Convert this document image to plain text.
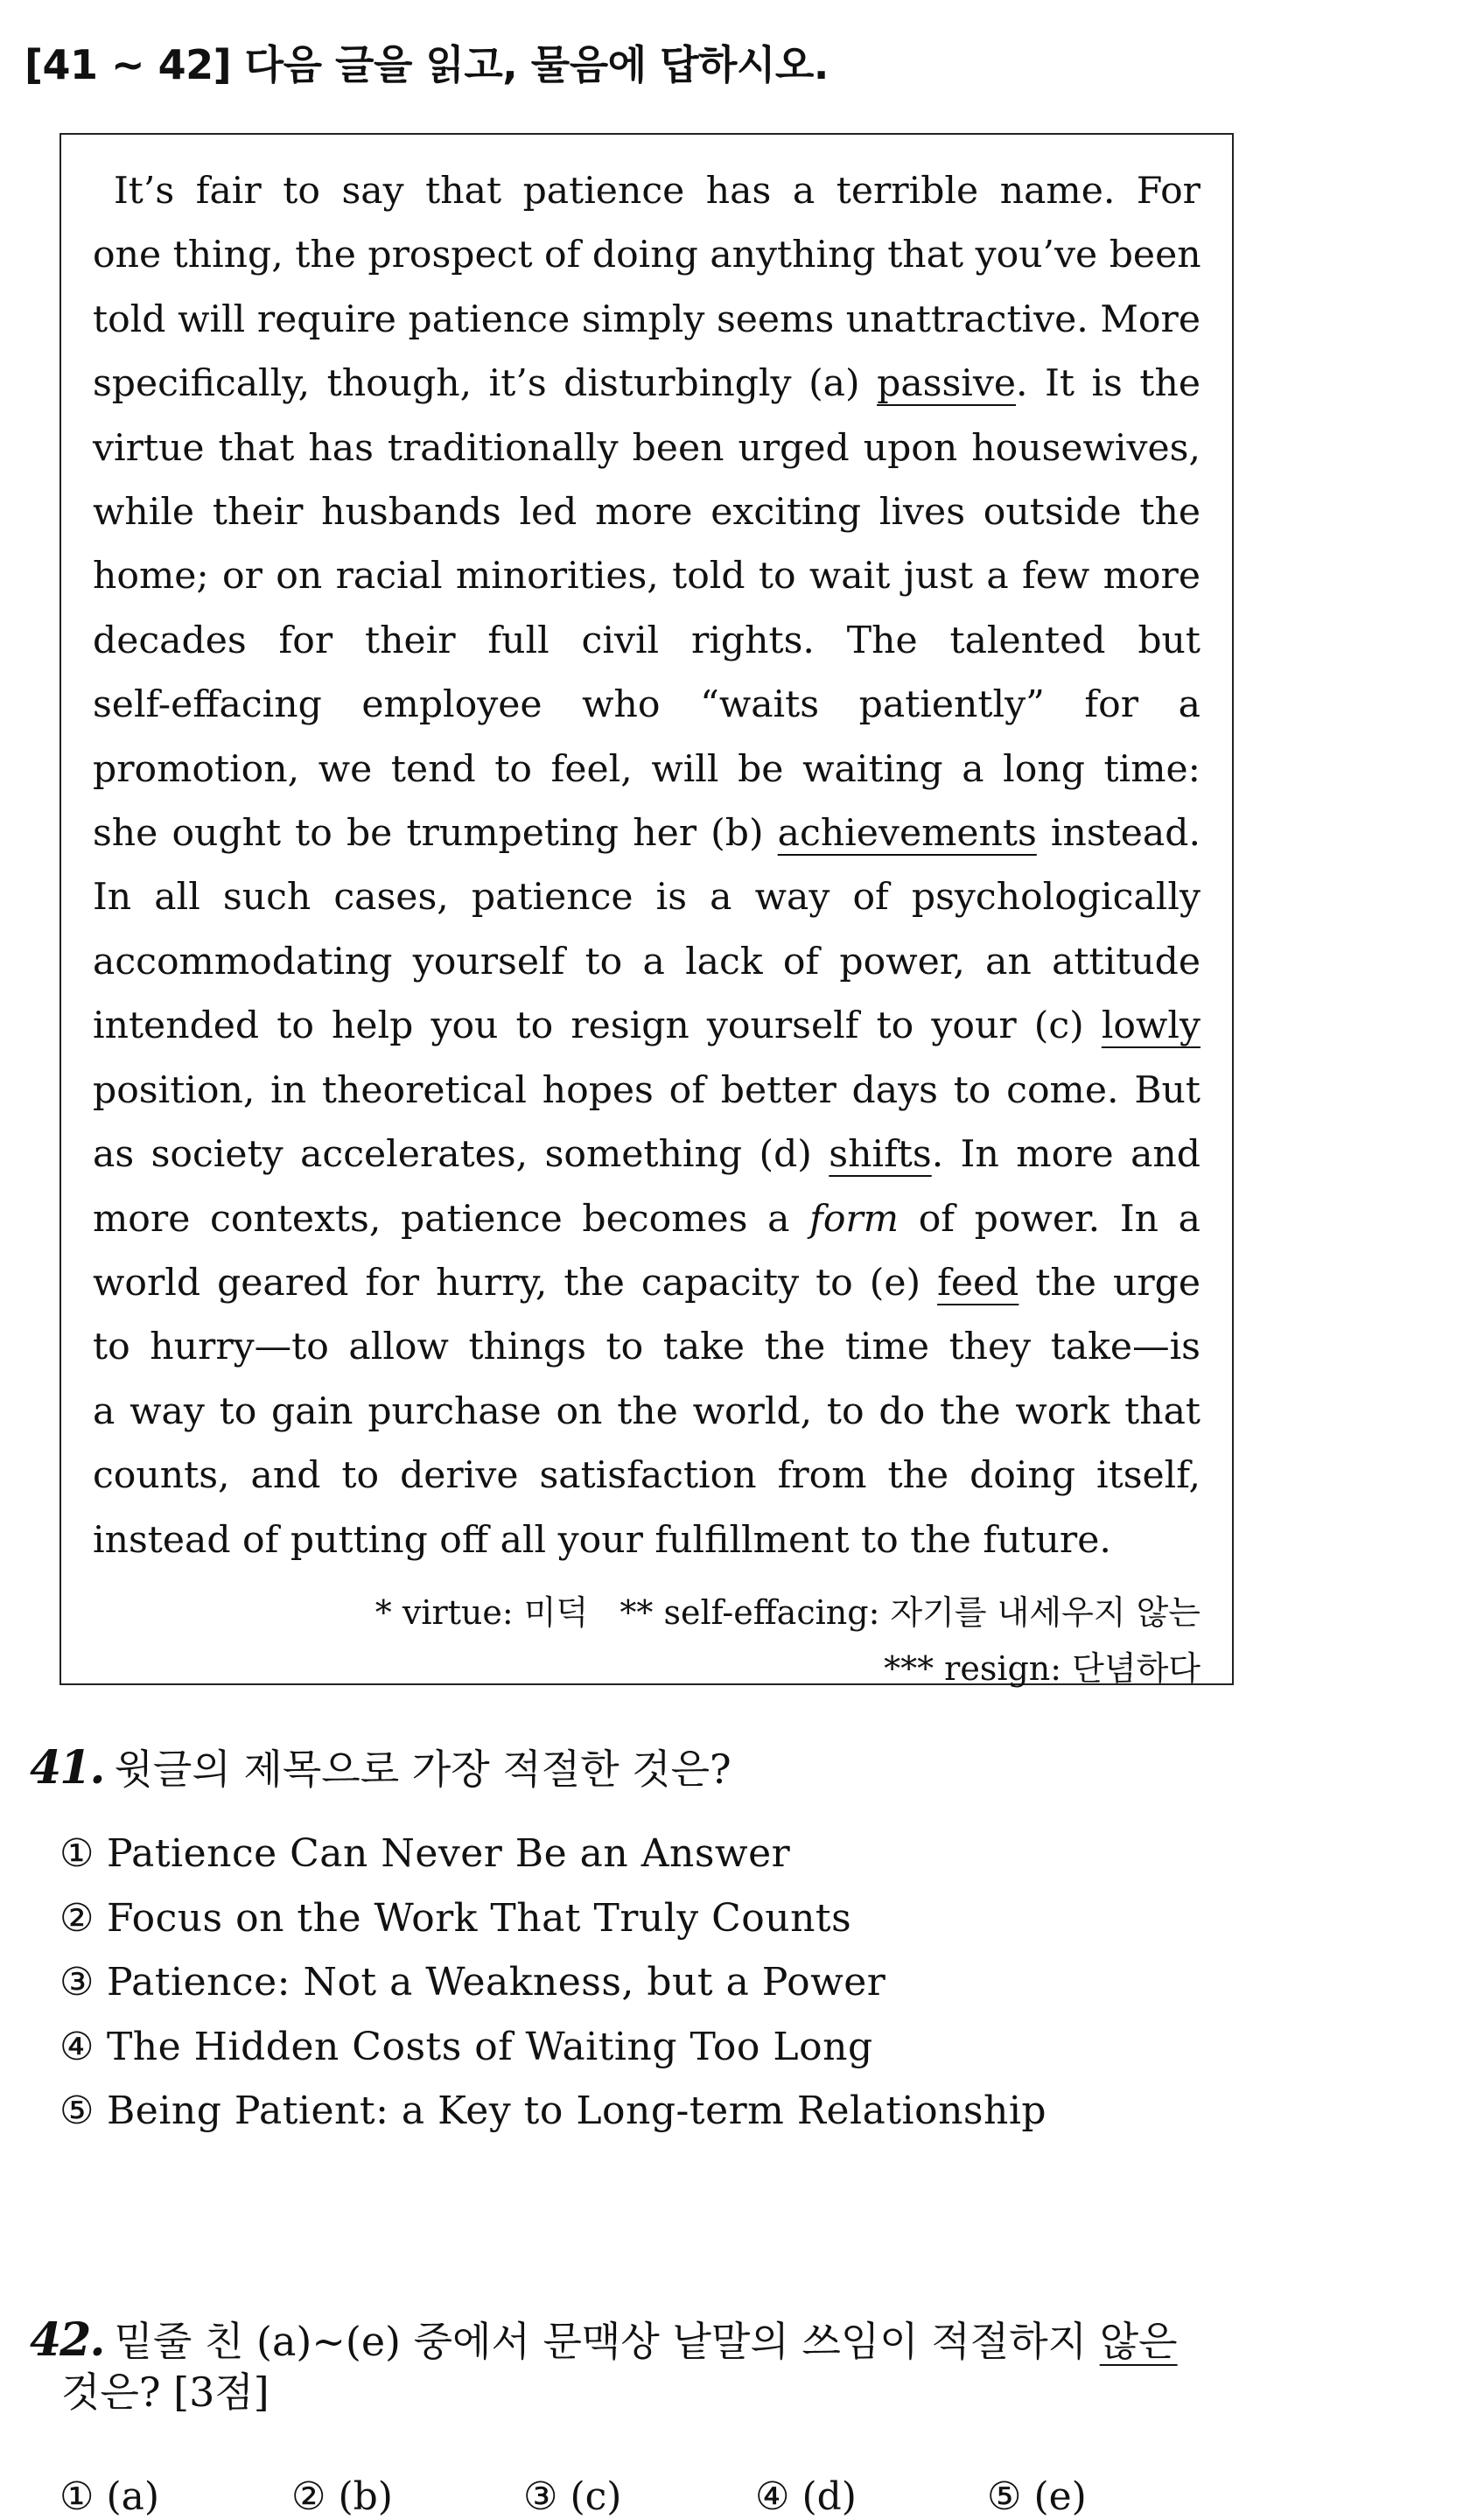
[41 ~ 42] 다음 글을 읽고, 물음에 답하시오.
It’s fair to say that patience has a terrible name. For
one thing, the prospect of doing anything that you’ve been
told will require patience simply seems unattractive. More
specifically, though, it’s disturbingly (a) passive. It is the
virtue that has traditionally been urged upon housewives,
while their husbands led more exciting lives outside the
home; or on racial minorities, told to wait just a few more
decades for their full civil rights. The talented but
self-effacing employee who “waits patiently” for a
promotion, we tend to feel, will be waiting a long time:
she ought to be trumpeting her (b) achievements instead.
In all such cases, patience is a way of psychologically
accommodating yourself to a lack of power, an attitude
intended to help you to resign yourself to your (c) lowly
position, in theoretical hopes of better days to come. But
as society accelerates, something (d) shifts. In more and
more contexts, patience becomes a form of power. In a
world geared for hurry, the capacity to (e) feed the urge
to hurry—to allow things to take the time they take—is
a way to gain purchase on the world, to do the work that
counts, and to derive satisfaction from the doing itself,
instead of putting off all your fulfillment to the future.
* virtue: 미덕   ** self-effacing: 자기를 내세우지 않는
*** resign: 단념하다
41. 윗글의 제목으로 가장 적절한 것은?
① Patience Can Never Be an Answer
② Focus on the Work That Truly Counts
③ Patience: Not a Weakness, but a Power
④ The Hidden Costs of Waiting Too Long
⑤ Being Patient: a Key to Long-term Relationship
42. 밑줄 친 (a)~(e) 중에서 문맥상 낱말의 쓰임이 적절하지 않은
것은? [3점]
① (a)	② (b)	③ (c)	④ (d)	⑤ (e)
